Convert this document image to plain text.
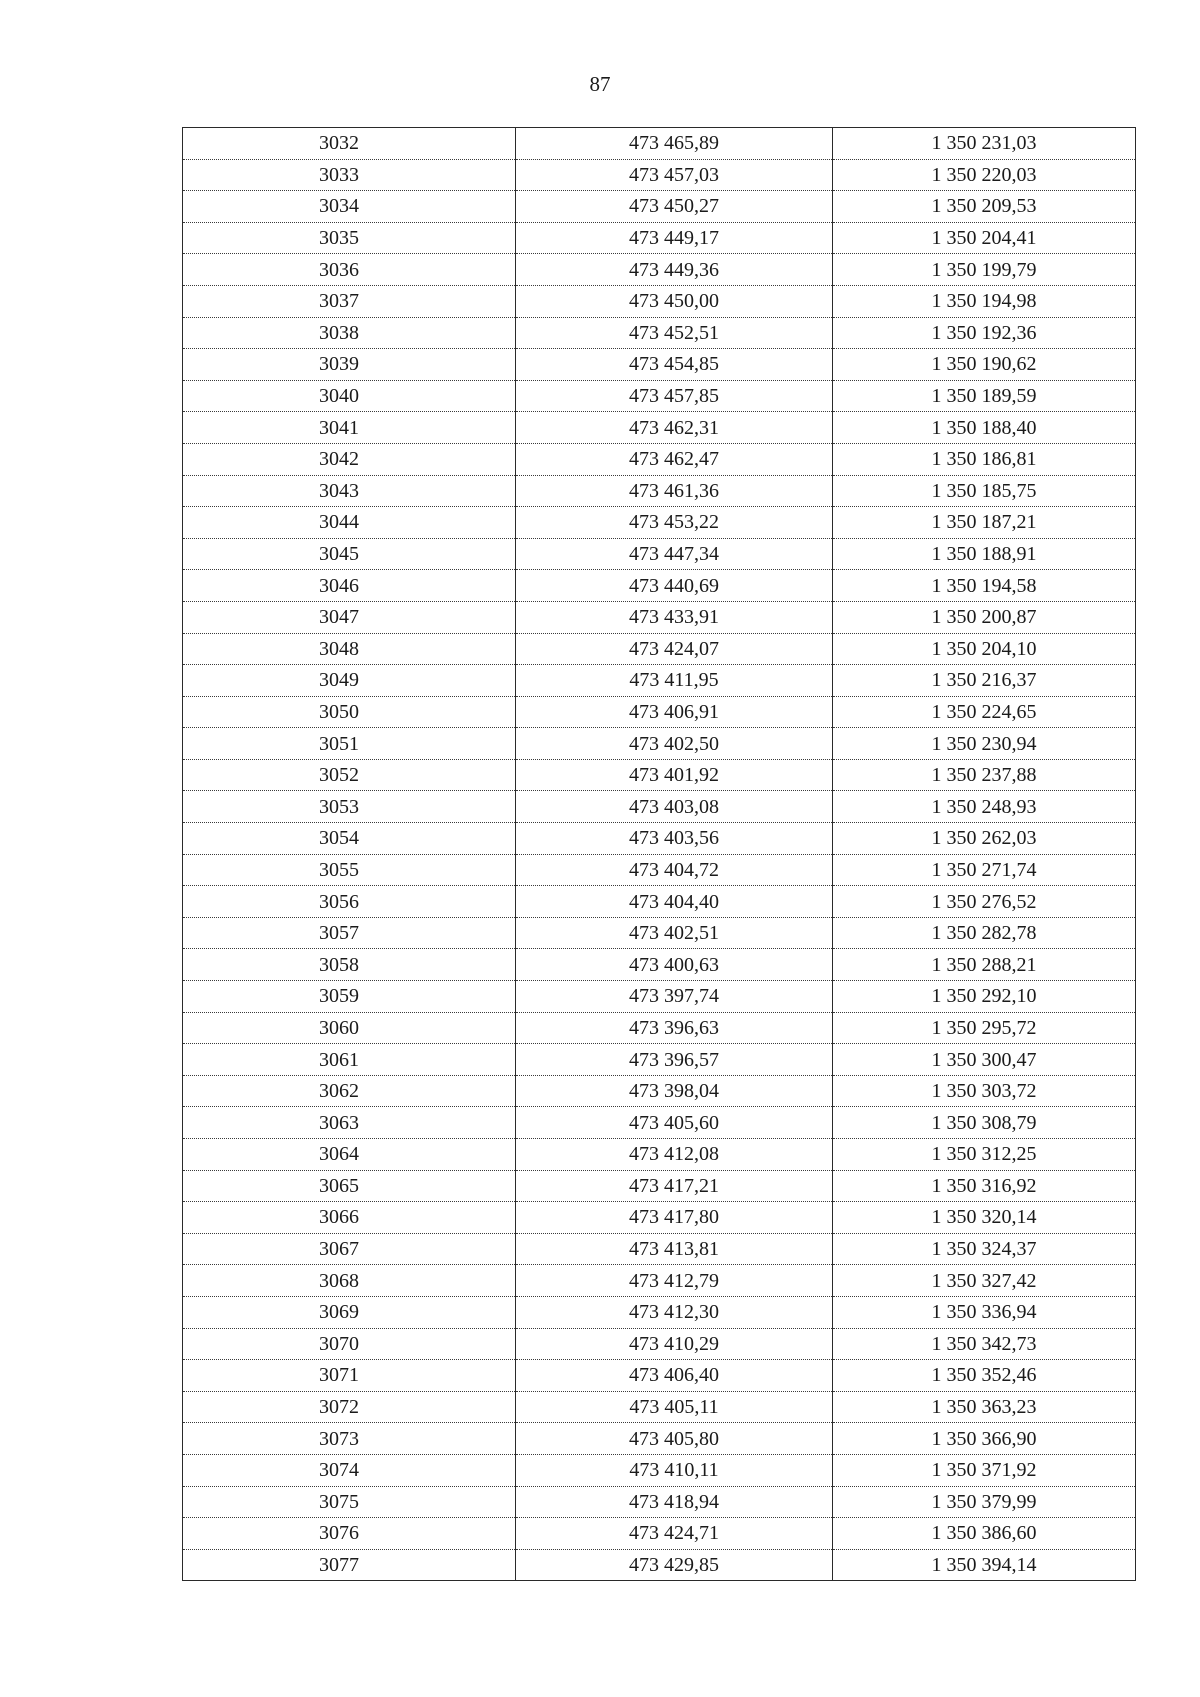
87
3032	473 465,89	1 350 231,03
3033	473 457,03	1 350 220,03
3034	473 450,27	1 350 209,53
3035	473 449,17	1 350 204,41
3036	473 449,36	1 350 199,79
3037	473 450,00	1 350 194,98
3038	473 452,51	1 350 192,36
3039	473 454,85	1 350 190,62
3040	473 457,85	1 350 189,59
3041	473 462,31	1 350 188,40
3042	473 462,47	1 350 186,81
3043	473 461,36	1 350 185,75
3044	473 453,22	1 350 187,21
3045	473 447,34	1 350 188,91
3046	473 440,69	1 350 194,58
3047	473 433,91	1 350 200,87
3048	473 424,07	1 350 204,10
3049	473 411,95	1 350 216,37
3050	473 406,91	1 350 224,65
3051	473 402,50	1 350 230,94
3052	473 401,92	1 350 237,88
3053	473 403,08	1 350 248,93
3054	473 403,56	1 350 262,03
3055	473 404,72	1 350 271,74
3056	473 404,40	1 350 276,52
3057	473 402,51	1 350 282,78
3058	473 400,63	1 350 288,21
3059	473 397,74	1 350 292,10
3060	473 396,63	1 350 295,72
3061	473 396,57	1 350 300,47
3062	473 398,04	1 350 303,72
3063	473 405,60	1 350 308,79
3064	473 412,08	1 350 312,25
3065	473 417,21	1 350 316,92
3066	473 417,80	1 350 320,14
3067	473 413,81	1 350 324,37
3068	473 412,79	1 350 327,42
3069	473 412,30	1 350 336,94
3070	473 410,29	1 350 342,73
3071	473 406,40	1 350 352,46
3072	473 405,11	1 350 363,23
3073	473 405,80	1 350 366,90
3074	473 410,11	1 350 371,92
3075	473 418,94	1 350 379,99
3076	473 424,71	1 350 386,60
3077	473 429,85	1 350 394,14
